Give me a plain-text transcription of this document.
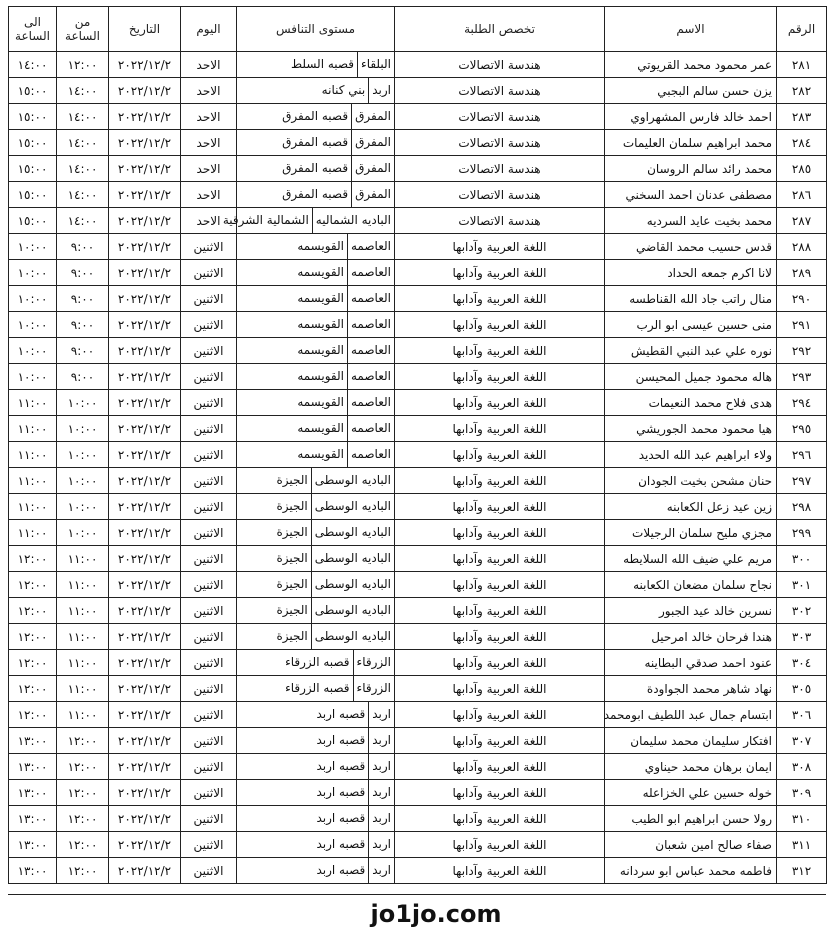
الرقم	الاسم	تخصص الطلبة	مستوى التنافس	اليوم	التاريخ	من الساعة	الى الساعة
٢٨١	عمر محمود محمد القريوتي	هندسة الاتصالات	قصبه السلط البلقاء	الاحد	٢٠٢٢/١٢/٢	١٢:٠٠	١٤:٠٠
٢٨٢	يزن حسن سالم البجبي	هندسة الاتصالات	بني كنانه اربد	الاحد	٢٠٢٢/١٢/٢	١٤:٠٠	١٥:٠٠
٢٨٣	احمد خالد فارس المشهراوي	هندسة الاتصالات	قصبه المفرق المفرق	الاحد	٢٠٢٢/١٢/٢	١٤:٠٠	١٥:٠٠
٢٨٤	محمد ابراهيم سلمان العليمات	هندسة الاتصالات	قصبه المفرق المفرق	الاحد	٢٠٢٢/١٢/٢	١٤:٠٠	١٥:٠٠
٢٨٥	محمد رائد سالم الروسان	هندسة الاتصالات	قصبه المفرق المفرق	الاحد	٢٠٢٢/١٢/٢	١٤:٠٠	١٥:٠٠
٢٨٦	مصطفى عدنان احمد السخني	هندسة الاتصالات	قصبه المفرق المفرق	الاحد	٢٠٢٢/١٢/٢	١٤:٠٠	١٥:٠٠
٢٨٧	محمد بخيت عايد السرديه	هندسة الاتصالات	الشمالية الشرقية الباديه الشماليه	الاحد	٢٠٢٢/١٢/٢	١٤:٠٠	١٥:٠٠
٢٨٨	قدس حسيب محمد القاضي	اللغة العربية وآدابها	القويسمه العاصمه	الاثنين	٢٠٢٢/١٢/٢	٩:٠٠	١٠:٠٠
٢٨٩	لانا اكرم جمعه الحداد	اللغة العربية وآدابها	القويسمه العاصمه	الاثنين	٢٠٢٢/١٢/٢	٩:٠٠	١٠:٠٠
٢٩٠	منال راتب جاد الله القناطسه	اللغة العربية وآدابها	القويسمه العاصمه	الاثنين	٢٠٢٢/١٢/٢	٩:٠٠	١٠:٠٠
٢٩١	منى حسين عيسى ابو الرب	اللغة العربية وآدابها	القويسمه العاصمه	الاثنين	٢٠٢٢/١٢/٢	٩:٠٠	١٠:٠٠
٢٩٢	نوره علي عبد النبي القطيش	اللغة العربية وآدابها	القويسمه العاصمه	الاثنين	٢٠٢٢/١٢/٢	٩:٠٠	١٠:٠٠
٢٩٣	هاله محمود جميل المحيسن	اللغة العربية وآدابها	القويسمه العاصمه	الاثنين	٢٠٢٢/١٢/٢	٩:٠٠	١٠:٠٠
٢٩٤	هدى فلاح محمد النعيمات	اللغة العربية وآدابها	القويسمه العاصمه	الاثنين	٢٠٢٢/١٢/٢	١٠:٠٠	١١:٠٠
٢٩٥	هيا محمود محمد الجوريشي	اللغة العربية وآدابها	القويسمه العاصمه	الاثنين	٢٠٢٢/١٢/٢	١٠:٠٠	١١:٠٠
٢٩٦	ولاء ابراهيم عبد الله الحديد	اللغة العربية وآدابها	القويسمه العاصمه	الاثنين	٢٠٢٢/١٢/٢	١٠:٠٠	١١:٠٠
٢٩٧	حنان مشحن بخيت الجودان	اللغة العربية وآدابها	الجيزة الباديه الوسطى	الاثنين	٢٠٢٢/١٢/٢	١٠:٠٠	١١:٠٠
٢٩٨	زين عيد زعل الكعابنه	اللغة العربية وآدابها	الجيزة الباديه الوسطى	الاثنين	٢٠٢٢/١٢/٢	١٠:٠٠	١١:٠٠
٢٩٩	مجزي مليح سلمان الرجيلات	اللغة العربية وآدابها	الجيزة الباديه الوسطى	الاثنين	٢٠٢٢/١٢/٢	١٠:٠٠	١١:٠٠
٣٠٠	مريم علي ضيف الله السلايطه	اللغة العربية وآدابها	الجيزة الباديه الوسطى	الاثنين	٢٠٢٢/١٢/٢	١١:٠٠	١٢:٠٠
٣٠١	نجاح سلمان مضعان الكعابنه	اللغة العربية وآدابها	الجيزة الباديه الوسطى	الاثنين	٢٠٢٢/١٢/٢	١١:٠٠	١٢:٠٠
٣٠٢	نسرين خالد عيد الجبور	اللغة العربية وآدابها	الجيزة الباديه الوسطى	الاثنين	٢٠٢٢/١٢/٢	١١:٠٠	١٢:٠٠
٣٠٣	هندا فرحان خالد امرحيل	اللغة العربية وآدابها	الجيزة الباديه الوسطى	الاثنين	٢٠٢٢/١٢/٢	١١:٠٠	١٢:٠٠
٣٠٤	عنود احمد صدقي البطاينه	اللغة العربية وآدابها	قصبه الزرقاء الزرقاء	الاثنين	٢٠٢٢/١٢/٢	١١:٠٠	١٢:٠٠
٣٠٥	نهاد شاهر محمد الجواودة	اللغة العربية وآدابها	قصبه الزرقاء الزرقاء	الاثنين	٢٠٢٢/١٢/٢	١١:٠٠	١٢:٠٠
٣٠٦	ابتسام جمال عبد اللطيف ابومحمد	اللغة العربية وآدابها	قصبه اربد اربد	الاثنين	٢٠٢٢/١٢/٢	١١:٠٠	١٢:٠٠
٣٠٧	افتكار سليمان محمد سليمان	اللغة العربية وآدابها	قصبه اربد اربد	الاثنين	٢٠٢٢/١٢/٢	١٢:٠٠	١٣:٠٠
٣٠٨	ايمان برهان محمد حيناوي	اللغة العربية وآدابها	قصبه اربد اربد	الاثنين	٢٠٢٢/١٢/٢	١٢:٠٠	١٣:٠٠
٣٠٩	خوله حسين علي الخزاعله	اللغة العربية وآدابها	قصبه اربد اربد	الاثنين	٢٠٢٢/١٢/٢	١٢:٠٠	١٣:٠٠
٣١٠	رولا حسن ابراهيم ابو الطيب	اللغة العربية وآدابها	قصبه اربد اربد	الاثنين	٢٠٢٢/١٢/٢	١٢:٠٠	١٣:٠٠
٣١١	صفاء صالح امين شعبان	اللغة العربية وآدابها	قصبه اربد اربد	الاثنين	٢٠٢٢/١٢/٢	١٢:٠٠	١٣:٠٠
٣١٢	فاطمه محمد عباس ابو سردانه	اللغة العربية وآدابها	قصبه اربد اربد	الاثنين	٢٠٢٢/١٢/٢	١٢:٠٠	١٣:٠٠
jo1jo.com
